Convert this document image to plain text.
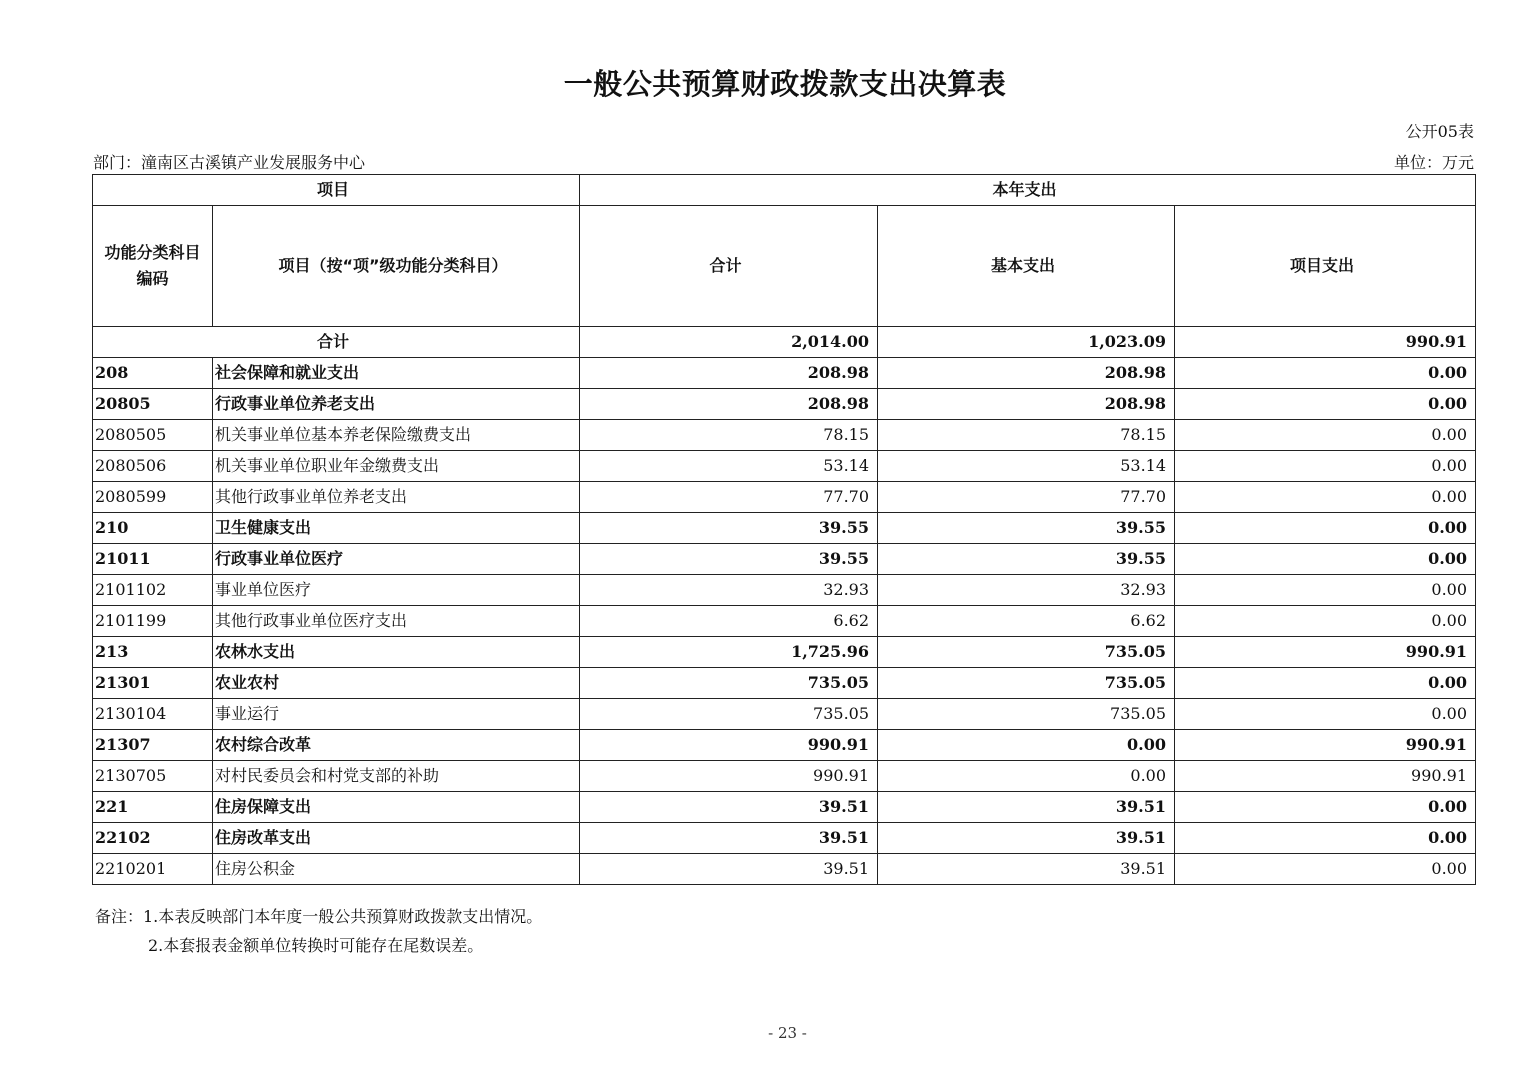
一般公共预算财政拨款支出决算表
公开05表
部门：潼南区古溪镇产业发展服务中心	单位：万元
项目		本年支出		
功能分类科目编码	项目（按“项”级功能分类科目）	合计	基本支出	项目支出
合计		2,014.00	1,023.09	990.91
208	社会保障和就业支出	208.98	208.98	0.00
20805	行政事业单位养老支出	208.98	208.98	0.00
2080505	机关事业单位基本养老保险缴费支出	78.15	78.15	0.00
2080506	机关事业单位职业年金缴费支出	53.14	53.14	0.00
2080599	其他行政事业单位养老支出	77.70	77.70	0.00
210	卫生健康支出	39.55	39.55	0.00
21011	行政事业单位医疗	39.55	39.55	0.00
2101102	事业单位医疗	32.93	32.93	0.00
2101199	其他行政事业单位医疗支出	6.62	6.62	0.00
213	农林水支出	1,725.96	735.05	990.91
21301	农业农村	735.05	735.05	0.00
2130104	事业运行	735.05	735.05	0.00
21307	农村综合改革	990.91	0.00	990.91
2130705	对村民委员会和村党支部的补助	990.91	0.00	990.91
221	住房保障支出	39.51	39.51	0.00
22102	住房改革支出	39.51	39.51	0.00
2210201	住房公积金	39.51	39.51	0.00
备注：1.本表反映部门本年度一般公共预算财政拨款支出情况。
2.本套报表金额单位转换时可能存在尾数误差。
- 23 -
